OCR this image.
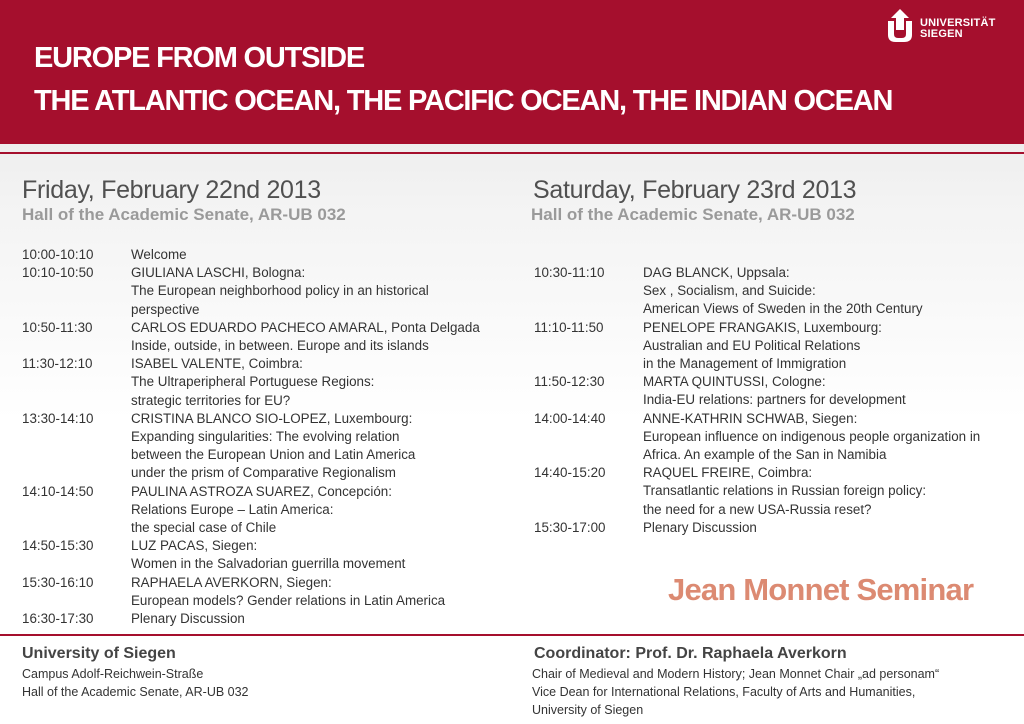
EUROPE FROM OUTSIDE
THE ATLANTIC OCEAN, THE PACIFIC OCEAN, THE INDIAN OCEAN
UNIVERSITÄT
SIEGEN
Friday, February 22nd 2013
Hall of the Academic Senate, AR-UB 032
Saturday, February 23rd 2013
Hall of the Academic Senate, AR-UB 032
10:00-10:10	Welcome
10:10-10:50	GIULIANA LASCHI, Bologna:
The European neighborhood policy in an historical
perspective
10:50-11:30	CARLOS EDUARDO PACHECO AMARAL, Ponta Delgada
Inside, outside, in between. Europe and its islands
11:30-12:10	ISABEL VALENTE, Coimbra:
The Ultraperipheral Portuguese Regions:
strategic territories for EU?
13:30-14:10	CRISTINA BLANCO SIO-LOPEZ, Luxembourg:
Expanding singularities: The evolving relation
between the European Union and Latin America
under the prism of Comparative Regionalism
14:10-14:50	PAULINA ASTROZA SUAREZ, Concepción:
Relations Europe – Latin America:
the special case of Chile
14:50-15:30	LUZ PACAS, Siegen:
Women in the Salvadorian guerrilla movement
15:30-16:10	RAPHAELA AVERKORN, Siegen:
European models? Gender relations in Latin America
16:30-17:30	Plenary Discussion
10:30-11:10	DAG BLANCK, Uppsala:
Sex , Socialism, and Suicide:
American Views of Sweden in the 20th Century
11:10-11:50	PENELOPE FRANGAKIS, Luxembourg:
Australian and EU Political Relations
in the Management of Immigration
11:50-12:30	MARTA QUINTUSSI, Cologne:
India-EU relations: partners for development
14:00-14:40	ANNE-KATHRIN SCHWAB, Siegen:
European influence on indigenous people organization in
Africa. An example of the San in Namibia
14:40-15:20	RAQUEL FREIRE, Coimbra:
Transatlantic relations in Russian foreign policy:
the need for a new USA-Russia reset?
15:30-17:00	Plenary Discussion
Jean Monnet Seminar
University of Siegen
Campus Adolf-Reichwein-Straße
Hall of the Academic Senate, AR-UB 032
Coordinator: Prof. Dr. Raphaela Averkorn
Chair of Medieval and Modern History; Jean Monnet Chair „ad personam“
Vice Dean for International Relations, Faculty of Arts and Humanities,
University of Siegen
